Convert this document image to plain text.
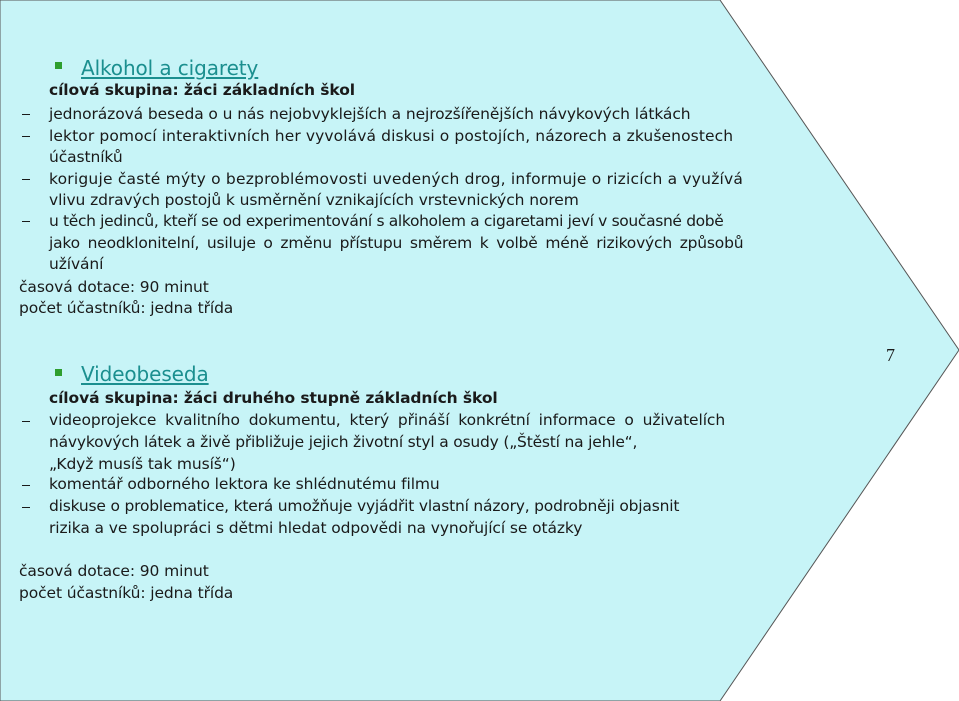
Alkohol a cigarety
cílová skupina: žáci základních škol
jednorázová beseda o u nás nejobvyklejších a nejrozšířenějších návykových látkách
lektor pomocí interaktivních her vyvolává diskusi o postojích, názorech a zkušenostech
účastníků
koriguje časté mýty o bezproblémovosti uvedených drog, informuje o rizicích a využívá
vlivu zdravých postojů k usměrnění vznikajících vrstevnických norem
u těch jedinců, kteří se od experimentování s alkoholem a cigaretami jeví v současné době
jako neodklonitelní, usiluje o změnu přístupu směrem k volbě méně rizikových způsobů
užívání
časová dotace: 90 minut
počet účastníků: jedna třída
Videobeseda
cílová skupina: žáci druhého stupně základních škol
videoprojekce kvalitního dokumentu, který přináší konkrétní informace o uživatelích
návykových látek a živě přibližuje jejich životní styl a osudy („Štěstí na jehle“,
„Když musíš tak musíš“)
komentář odborného lektora ke shlédnutému filmu
diskuse o problematice, která umožňuje vyjádřit vlastní názory, podrobněji objasnit
rizika a ve spolupráci s dětmi hledat odpovědi na vynořující se otázky
časová dotace: 90 minut
počet účastníků: jedna třída
7
